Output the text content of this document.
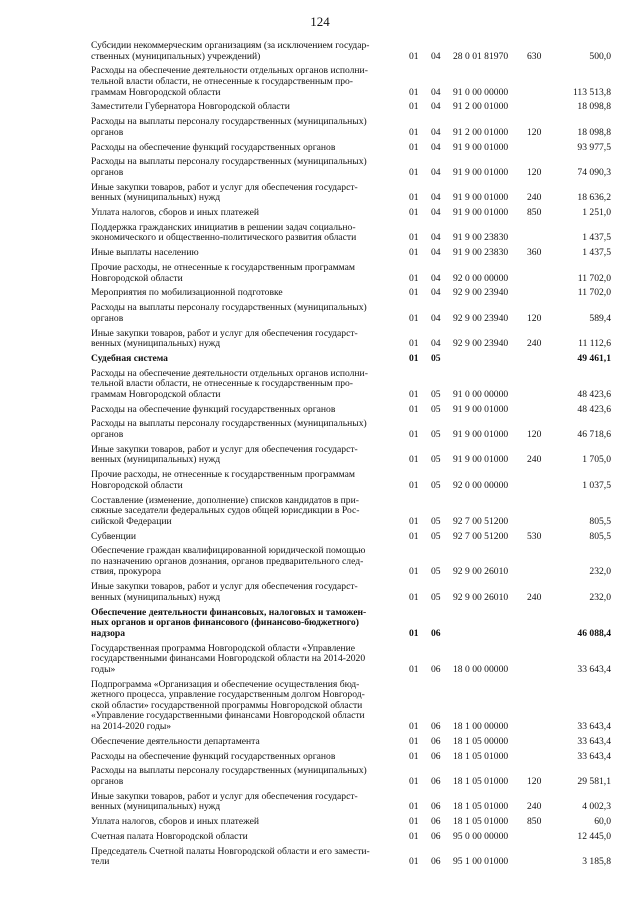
124
Субсидии некоммерческим организациям (за исключением государ-
ственных (муниципальных) учреждений)	01 04 28 0 01 81970 630	500,0
Расходы на обеспечение деятельности отдельных органов исполни-
тельной власти области, не отнесенные к государственным про-
граммам Новгородской области	01 04 91 0 00 00000	113 513,8
Заместители Губернатора Новгородской области	01 04 91 2 00 01000	18 098,8
Расходы на выплаты персоналу государственных (муниципальных)
органов	01 04 91 2 00 01000 120	18 098,8
Расходы на обеспечение функций государственных органов	01 04 91 9 00 01000	93 977,5
Расходы на выплаты персоналу государственных (муниципальных)
органов	01 04 91 9 00 01000 120	74 090,3
Иные закупки товаров, работ и услуг для обеспечения государст-
венных (муниципальных) нужд	01 04 91 9 00 01000 240	18 636,2
Уплата налогов, сборов и иных платежей	01 04 91 9 00 01000 850	1 251,0
Поддержка гражданских инициатив в решении задач социально-
экономического и общественно-политического развития области	01 04 91 9 00 23830	1 437,5
Иные выплаты населению	01 04 91 9 00 23830 360	1 437,5
Прочие расходы, не отнесенные к государственным программам
Новгородской области	01 04 92 0 00 00000	11 702,0
Мероприятия по мобилизационной подготовке	01 04 92 9 00 23940	11 702,0
Расходы на выплаты персоналу государственных (муниципальных)
органов	01 04 92 9 00 23940 120	589,4
Иные закупки товаров, работ и услуг для обеспечения государст-
венных (муниципальных) нужд	01 04 92 9 00 23940 240	11 112,6
Судебная система	01 05	49 461,1
Расходы на обеспечение деятельности отдельных органов исполни-
тельной власти области, не отнесенные к государственным про-
граммам Новгородской области	01 05 91 0 00 00000	48 423,6
Расходы на обеспечение функций государственных органов	01 05 91 9 00 01000	48 423,6
Расходы на выплаты персоналу государственных (муниципальных)
органов	01 05 91 9 00 01000 120	46 718,6
Иные закупки товаров, работ и услуг для обеспечения государст-
венных (муниципальных) нужд	01 05 91 9 00 01000 240	1 705,0
Прочие расходы, не отнесенные к государственным программам
Новгородской области	01 05 92 0 00 00000	1 037,5
Составление (изменение, дополнение) списков кандидатов в при-
сяжные заседатели федеральных судов общей юрисдикции в Рос-
сийской Федерации	01 05 92 7 00 51200	805,5
Субвенции	01 05 92 7 00 51200 530	805,5
Обеспечение граждан квалифицированной юридической помощью
по назначению органов дознания, органов предварительного след-
ствия, прокурора	01 05 92 9 00 26010	232,0
Иные закупки товаров, работ и услуг для обеспечения государст-
венных (муниципальных) нужд	01 05 92 9 00 26010 240	232,0
Обеспечение деятельности финансовых, налоговых и таможен-
ных органов и органов финансового (финансово-бюджетного)
надзора	01 06	46 088,4
Государственная программа Новгородской области «Управление
государственными финансами Новгородской области на 2014-2020
годы»	01 06 18 0 00 00000	33 643,4
Подпрограмма «Организация и обеспечение осуществления бюд-
жетного процесса, управление государственным долгом Новгород-
ской области» государственной программы Новгородской области
«Управление государственными финансами Новгородской области
на 2014-2020 годы»	01 06 18 1 00 00000	33 643,4
Обеспечение деятельности департамента	01 06 18 1 05 00000	33 643,4
Расходы на обеспечение функций государственных органов	01 06 18 1 05 01000	33 643,4
Расходы на выплаты персоналу государственных (муниципальных)
органов	01 06 18 1 05 01000 120	29 581,1
Иные закупки товаров, работ и услуг для обеспечения государст-
венных (муниципальных) нужд	01 06 18 1 05 01000 240	4 002,3
Уплата налогов, сборов и иных платежей	01 06 18 1 05 01000 850	60,0
Счетная палата Новгородской области	01 06 95 0 00 00000	12 445,0
Председатель Счетной палаты Новгородской области и его замести-
тели	01 06 95 1 00 01000	3 185,8
